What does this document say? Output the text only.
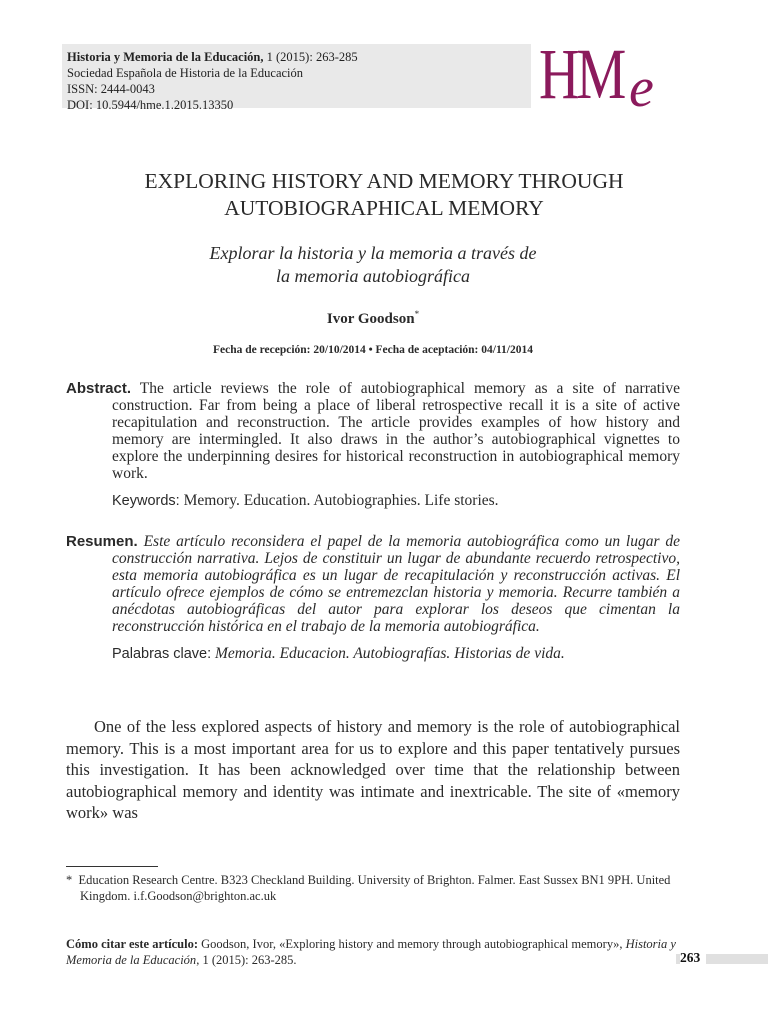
Historia y Memoria de la Educación, 1 (2015): 263-285
Sociedad Española de Historia de la Educación
ISSN: 2444-0043
DOI: 10.5944/hme.1.2015.13350	HM e
EXPLORING HISTORY AND MEMORY THROUGH
AUTOBIOGRAPHICAL MEMORY
Explorar la historia y la memoria a través de
la memoria autobiográfica
Ivor Goodson*
Fecha de recepción: 20/10/2014 • Fecha de aceptación: 04/11/2014

Abstract. The article reviews the role of autobiographical memory as a site of narrative construction. Far from being a place of liberal retrospective recall it is a site of active recapitulation and reconstruction. The article provides examples of how history and memory are intermingled. It also draws in the author’s autobiographical vignettes to explore the underpinning desires for historical reconstruction in autobiographical memory work.

Keywords: Memory. Education. Autobiographies. Life stories.

Resumen. Este artículo reconsidera el papel de la memoria autobiográfica como un lugar de construcción narrativa. Lejos de constituir un lugar de abundante recuerdo retrospectivo, esta memoria autobiográfica es un lugar de recapitulación y reconstrucción activas. El artículo ofrece ejemplos de cómo se entremezclan historia y memoria. Recurre también a anécdotas autobiográficas del autor para explorar los deseos que cimentan la reconstrucción histórica en el trabajo de la memoria autobiográfica.

Palabras clave: Memoria. Educacion. Autobiografías. Historias de vida.

One of the less explored aspects of history and memory is the role of autobiographical memory. This is a most important area for us to explore and this paper tentatively pursues this investigation. It has been acknowledged over time that the relationship between autobiographical memory and identity was intimate and inextricable. The site of «memory work» was
* Education Research Centre. B323 Checkland Building. University of Brighton. Falmer. East Sussex BN1 9PH. United Kingdom. i.f.Goodson@brighton.ac.uk
Cómo citar este artículo: Goodson, Ivor, «Exploring history and memory through autobiographical memory», Historia y Memoria de la Educación, 1 (2015): 263-285.	263
